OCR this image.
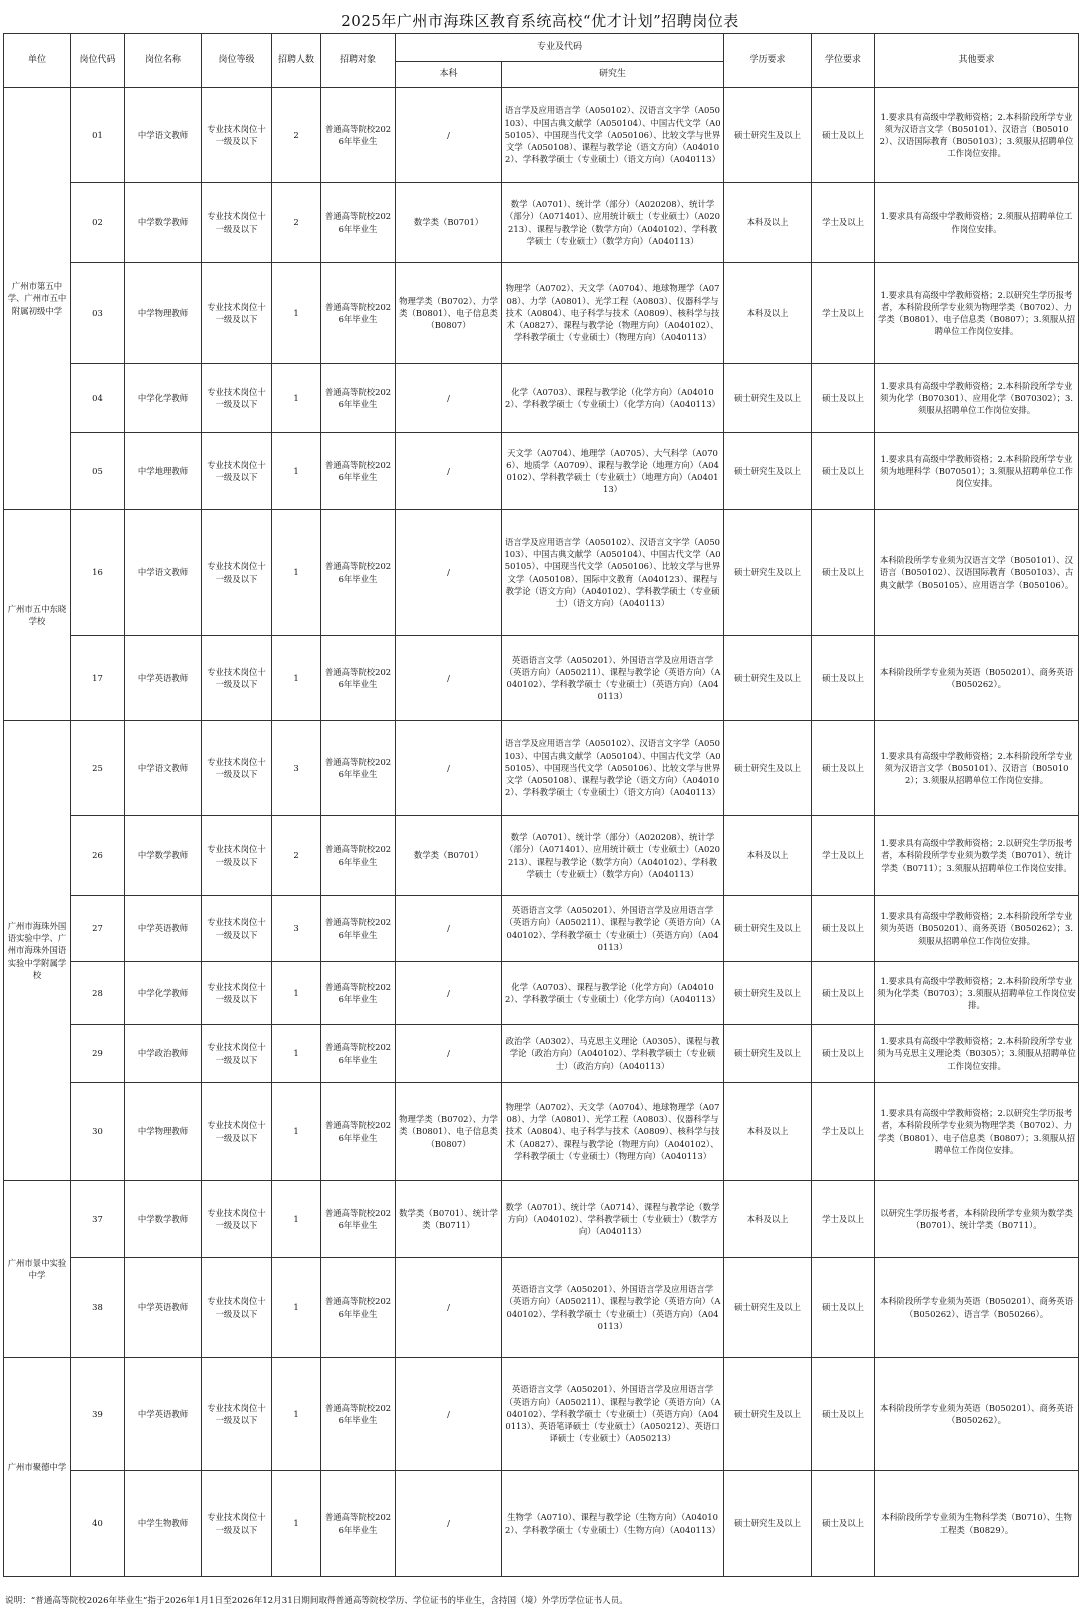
2025年广州市海珠区教育系统高校“优才计划”招聘岗位表
单位	岗位代码	岗位名称	岗位等级	招聘人数	招聘对象	专业及代码		学历要求	学位要求	其他要求
						本科	研究生			
广州市第五中学、广州市五中附属初级中学	01	中学语文教师	专业技术岗位十一级及以下	2	普通高等院校2026年毕业生	/	语言学及应用语言学（A050102）、汉语言文字学（A050103）、中国古典文献学（A050104）、中国古代文学（A050105）、中国现当代文学（A050106）、比较文学与世界文学（A050108）、课程与教学论（语文方向）（A040102）、学科教学硕士（专业硕士）（语文方向）（A040113）	硕士研究生及以上	硕士及以上	1.要求具有高级中学教师资格；2.本科阶段所学专业须为汉语言文学（B050101）、汉语言（B050102）、汉语国际教育（B050103）；3.须服从招聘单位工作岗位安排。
	02	中学数学教师	专业技术岗位十一级及以下	2	普通高等院校2026年毕业生	数学类（B0701）	数学（A0701）、统计学（部分）（A020208）、统计学（部分）（A071401）、应用统计硕士（专业硕士）（A020213）、课程与教学论（数学方向）（A040102）、学科教学硕士（专业硕士）（数学方向）（A040113）	本科及以上	学士及以上	1.要求具有高级中学教师资格；2.须服从招聘单位工作岗位安排。
	03	中学物理教师	专业技术岗位十一级及以下	1	普通高等院校2026年毕业生	物理学类（B0702）、力学类（B0801）、电子信息类（B0807）	物理学（A0702）、天文学（A0704）、地球物理学（A0708）、力学（A0801）、光学工程（A0803）、仪器科学与技术（A0804）、电子科学与技术（A0809）、核科学与技术（A0827）、课程与教学论（物理方向）（A040102）、学科教学硕士（专业硕士）（物理方向）（A040113）	本科及以上	学士及以上	1.要求具有高级中学教师资格；2.以研究生学历报考者，本科阶段所学专业须为物理学类（B0702）、力学类（B0801）、电子信息类（B0807）；3.须服从招聘单位工作岗位安排。
	04	中学化学教师	专业技术岗位十一级及以下	1	普通高等院校2026年毕业生	/	化学（A0703）、课程与教学论（化学方向）（A040102）、学科教学硕士（专业硕士）（化学方向）（A040113）	硕士研究生及以上	硕士及以上	1.要求具有高级中学教师资格；2.本科阶段所学专业须为化学（B070301）、应用化学（B070302）；3.须服从招聘单位工作岗位安排。
	05	中学地理教师	专业技术岗位十一级及以下	1	普通高等院校2026年毕业生	/	天文学（A0704）、地理学（A0705）、大气科学（A0706）、地质学（A0709）、课程与教学论（地理方向）（A040102）、学科教学硕士（专业硕士）（地理方向）（A040113）	硕士研究生及以上	硕士及以上	1.要求具有高级中学教师资格；2.本科阶段所学专业须为地理科学（B070501）；3.须服从招聘单位工作岗位安排。
广州市五中东晓学校	16	中学语文教师	专业技术岗位十一级及以下	1	普通高等院校2026年毕业生	/	语言学及应用语言学（A050102）、汉语言文字学（A050103）、中国古典文献学（A050104）、中国古代文学（A050105）、中国现当代文学（A050106）、比较文学与世界文学（A050108）、国际中文教育（A040123）、课程与教学论（语文方向）（A040102）、学科教学硕士（专业硕士）（语文方向）（A040113）	硕士研究生及以上	硕士及以上	本科阶段所学专业须为汉语言文学（B050101）、汉语言（B050102）、汉语国际教育（B050103）、古典文献学（B050105）、应用语言学（B050106）。
	17	中学英语教师	专业技术岗位十一级及以下	1	普通高等院校2026年毕业生	/	英语语言文学（A050201）、外国语言学及应用语言学（英语方向）（A050211）、课程与教学论（英语方向）（A040102）、学科教学硕士（专业硕士）（英语方向）（A040113）	硕士研究生及以上	硕士及以上	本科阶段所学专业须为英语（B050201）、商务英语（B050262）。
广州市海珠外国语实验中学、广州市海珠外国语实验中学附属学校	25	中学语文教师	专业技术岗位十一级及以下	3	普通高等院校2026年毕业生	/	语言学及应用语言学（A050102）、汉语言文字学（A050103）、中国古典文献学（A050104）、中国古代文学（A050105）、中国现当代文学（A050106）、比较文学与世界文学（A050108）、课程与教学论（语文方向）（A040102）、学科教学硕士（专业硕士）（语文方向）（A040113）	硕士研究生及以上	硕士及以上	1.要求具有高级中学教师资格；2.本科阶段所学专业须为汉语言文学（B050101）、汉语言（B050102）；3.须服从招聘单位工作岗位安排。
	26	中学数学教师	专业技术岗位十一级及以下	2	普通高等院校2026年毕业生	数学类（B0701）	数学（A0701）、统计学（部分）（A020208）、统计学（部分）（A071401）、应用统计硕士（专业硕士）（A020213）、课程与教学论（数学方向）（A040102）、学科教学硕士（专业硕士）（数学方向）（A040113）	本科及以上	学士及以上	1.要求具有高级中学教师资格；2.以研究生学历报考者，本科阶段所学专业须为数学类（B0701）、统计学类（B0711）；3.须服从招聘单位工作岗位安排。
	27	中学英语教师	专业技术岗位十一级及以下	3	普通高等院校2026年毕业生	/	英语语言文学（A050201）、外国语言学及应用语言学（英语方向）（A050211）、课程与教学论（英语方向）（A040102）、学科教学硕士（专业硕士）（英语方向）（A040113）	硕士研究生及以上	硕士及以上	1.要求具有高级中学教师资格；2.本科阶段所学专业须为英语（B050201）、商务英语（B050262）；3.须服从招聘单位工作岗位安排。
	28	中学化学教师	专业技术岗位十一级及以下	1	普通高等院校2026年毕业生	/	化学（A0703）、课程与教学论（化学方向）（A040102）、学科教学硕士（专业硕士）（化学方向）（A040113）	硕士研究生及以上	硕士及以上	1.要求具有高级中学教师资格；2.本科阶段所学专业须为化学类（B0703）；3.须服从招聘单位工作岗位安排。
	29	中学政治教师	专业技术岗位十一级及以下	1	普通高等院校2026年毕业生	/	政治学（A0302）、马克思主义理论（A0305）、课程与教学论（政治方向）（A040102）、学科教学硕士（专业硕士）（政治方向）（A040113）	硕士研究生及以上	硕士及以上	1.要求具有高级中学教师资格；2.本科阶段所学专业须为马克思主义理论类（B0305）；3.须服从招聘单位工作岗位安排。
	30	中学物理教师	专业技术岗位十一级及以下	1	普通高等院校2026年毕业生	物理学类（B0702）、力学类（B0801）、电子信息类（B0807）	物理学（A0702）、天文学（A0704）、地球物理学（A0708）、力学（A0801）、光学工程（A0803）、仪器科学与技术（A0804）、电子科学与技术（A0809）、核科学与技术（A0827）、课程与教学论（物理方向）（A040102）、学科教学硕士（专业硕士）（物理方向）（A040113）	本科及以上	学士及以上	1.要求具有高级中学教师资格；2.以研究生学历报考者，本科阶段所学专业须为物理学类（B0702）、力学类（B0801）、电子信息类（B0807）；3.须服从招聘单位工作岗位安排。
广州市景中实验中学	37	中学数学教师	专业技术岗位十一级及以下	1	普通高等院校2026年毕业生	数学类（B0701）、统计学类（B0711）	数学（A0701）、统计学（A0714）、课程与教学论（数学方向）（A040102）、学科教学硕士（专业硕士）（数学方向）（A040113）	本科及以上	学士及以上	以研究生学历报考者，本科阶段所学专业须为数学类（B0701）、统计学类（B0711）。
	38	中学英语教师	专业技术岗位十一级及以下	1	普通高等院校2026年毕业生	/	英语语言文学（A050201）、外国语言学及应用语言学（英语方向）（A050211）、课程与教学论（英语方向）（A040102）、学科教学硕士（专业硕士）（英语方向）（A040113）	硕士研究生及以上	硕士及以上	本科阶段所学专业须为英语（B050201）、商务英语（B050262）、语言学（B050266）。
广州市聚德中学	39	中学英语教师	专业技术岗位十一级及以下	1	普通高等院校2026年毕业生	/	英语语言文学（A050201）、外国语言学及应用语言学（英语方向）（A050211）、课程与教学论（英语方向）（A040102）、学科教学硕士（专业硕士）（英语方向）（A040113）、英语笔译硕士（专业硕士）（A050212）、英语口译硕士（专业硕士）（A050213）	硕士研究生及以上	硕士及以上	本科阶段所学专业须为英语（B050201）、商务英语（B050262）。
	40	中学生物教师	专业技术岗位十一级及以下	1	普通高等院校2026年毕业生	/	生物学（A0710）、课程与教学论（生物方向）（A040102）、学科教学硕士（专业硕士）（生物方向）（A040113）	硕士研究生及以上	硕士及以上	本科阶段所学专业须为生物科学类（B0710）、生物工程类（B0829）。
说明：“普通高等院校2026年毕业生”指于2026年1月1日至2026年12月31日期间取得普通高等院校学历、学位证书的毕业生，含持国（境）外学历学位证书人员。
